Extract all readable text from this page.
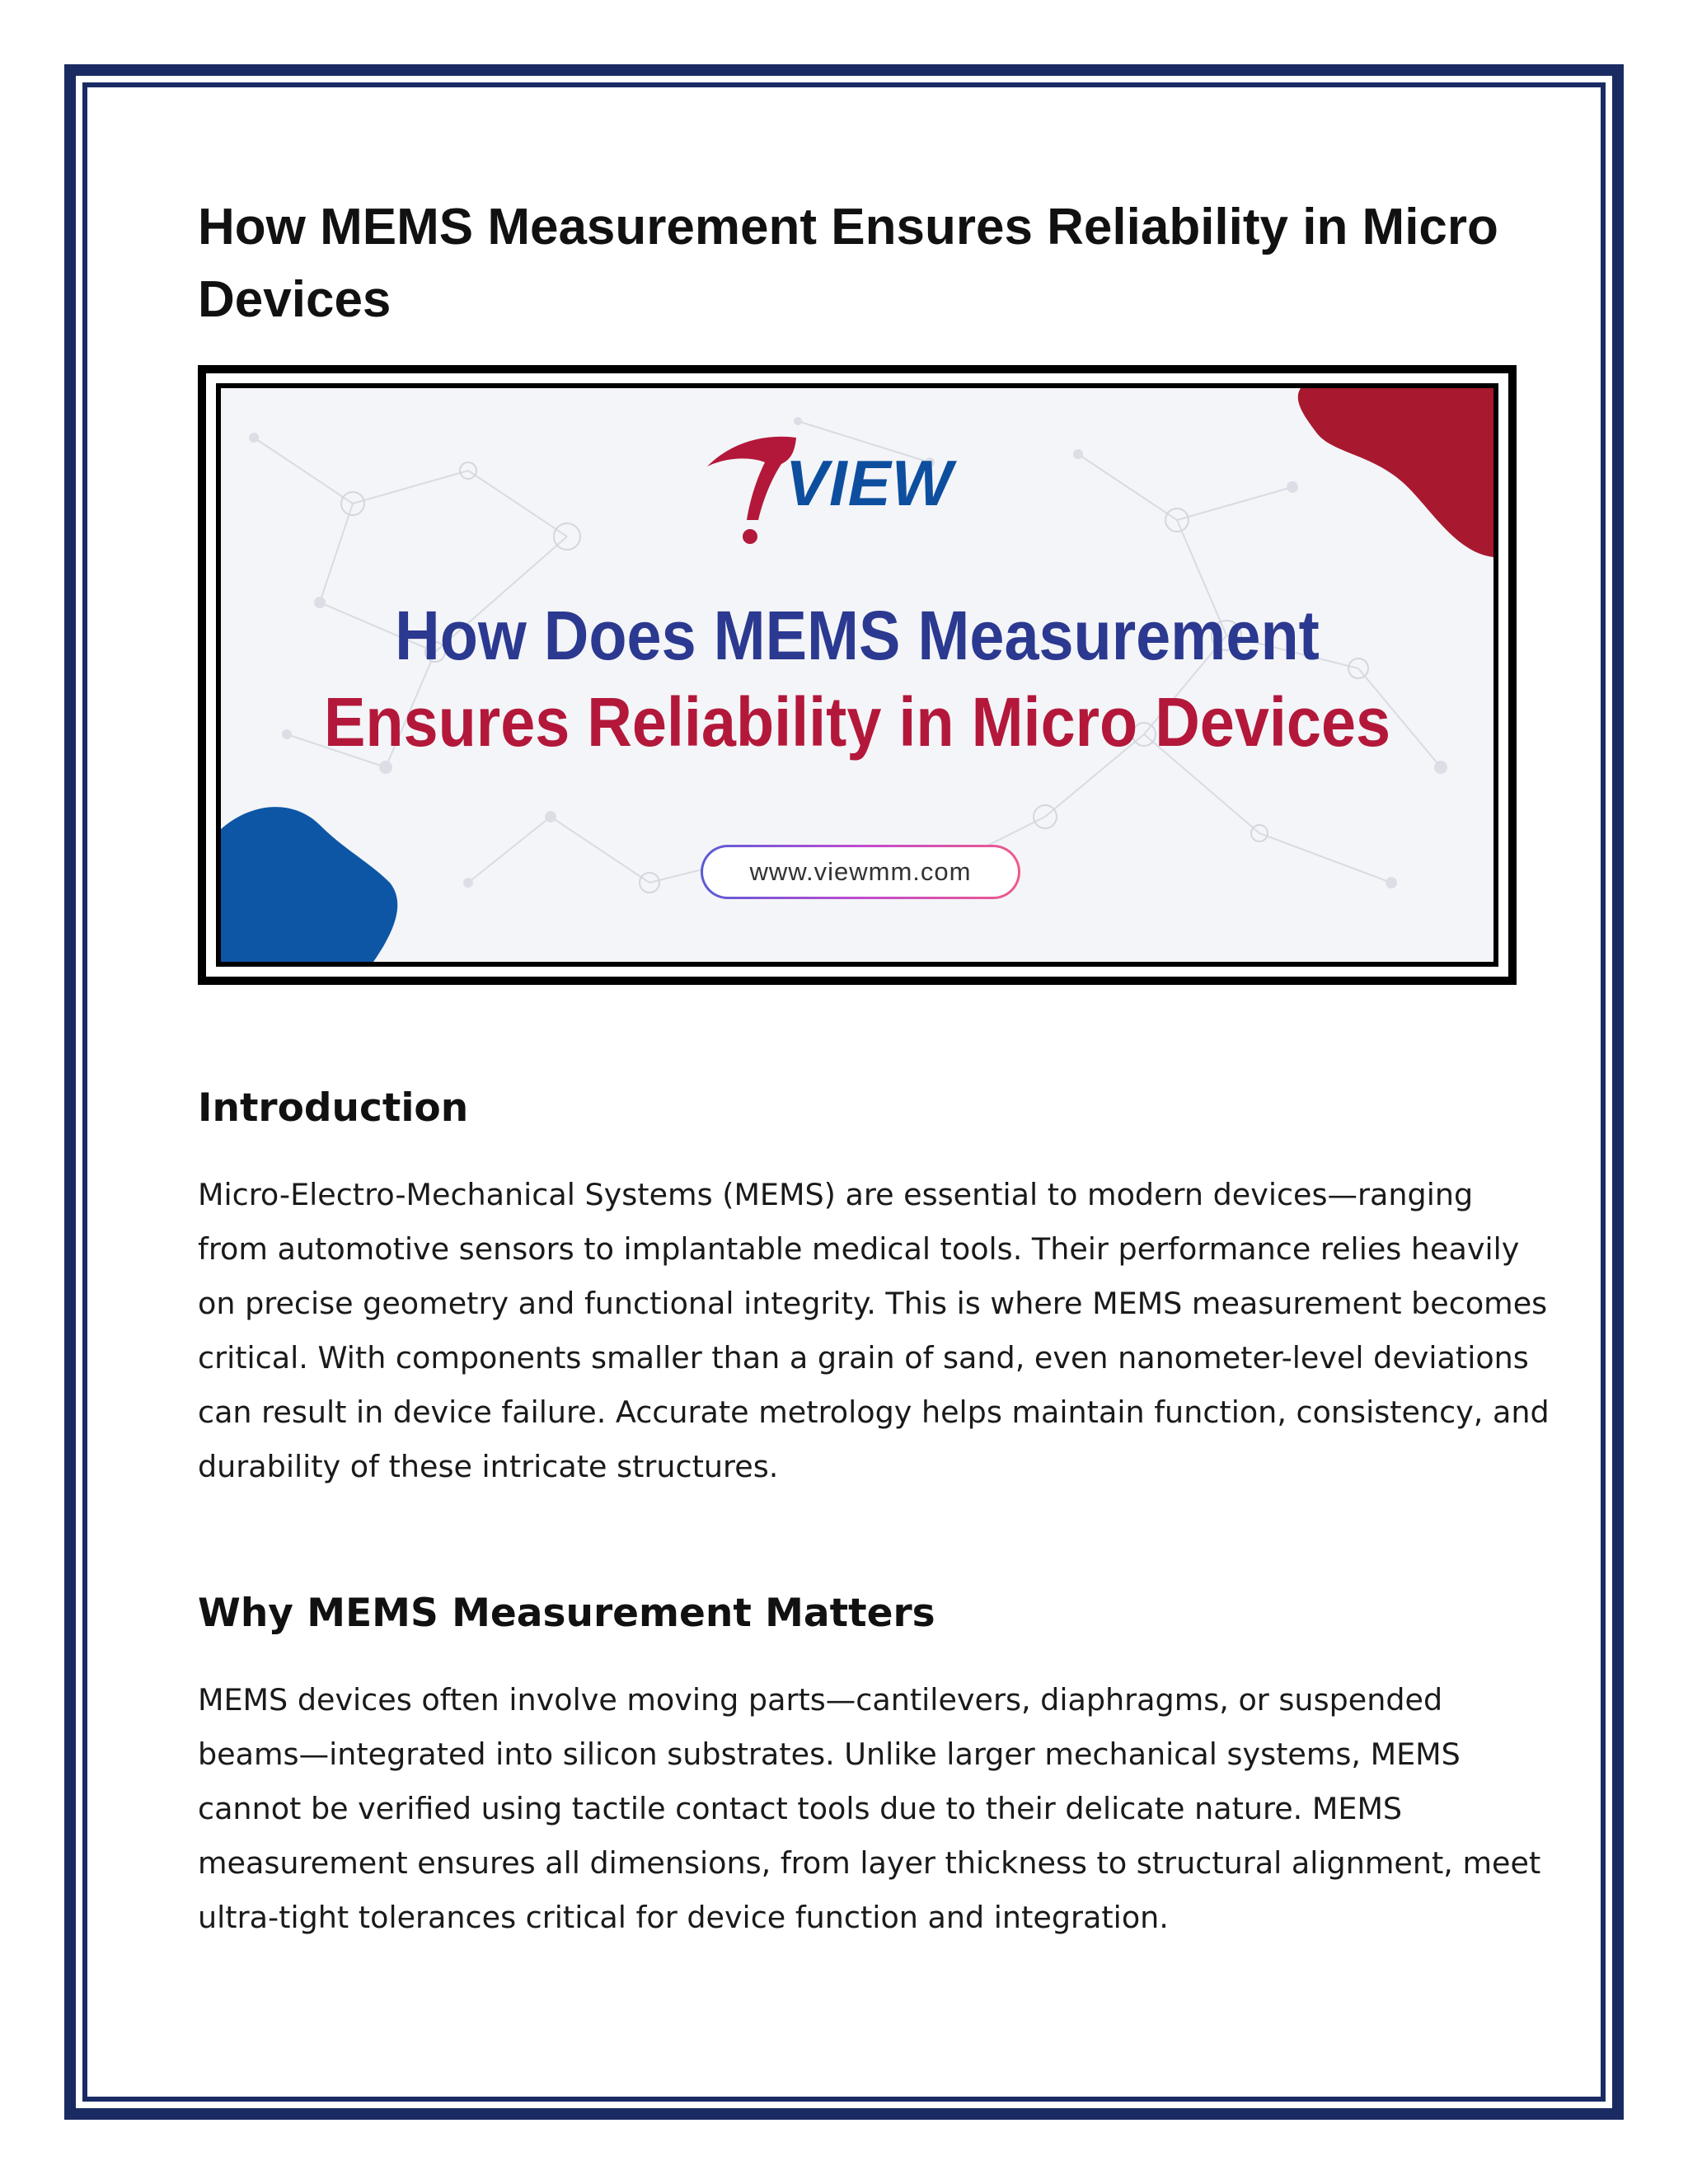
How MEMS Measurement Ensures Reliability in Micro Devices
VIEW

How Does MEMS Measurement

Ensures Reliability in Micro Devices

www.viewmm.com
Introduction

Micro-Electro-Mechanical Systems (MEMS) are essential to modern devices—ranging from automotive sensors to implantable medical tools. Their performance relies heavily on precise geometry and functional integrity. This is where MEMS measurement becomes critical. With components smaller than a grain of sand, even nanometer-level deviations can result in device failure. Accurate metrology helps maintain function, consistency, and durability of these intricate structures.

Why MEMS Measurement Matters

MEMS devices often involve moving parts—cantilevers, diaphragms, or suspended beams—integrated into silicon substrates. Unlike larger mechanical systems, MEMS cannot be verified using tactile contact tools due to their delicate nature. MEMS measurement ensures all dimensions, from layer thickness to structural alignment, meet ultra-tight tolerances critical for device function and integration.
